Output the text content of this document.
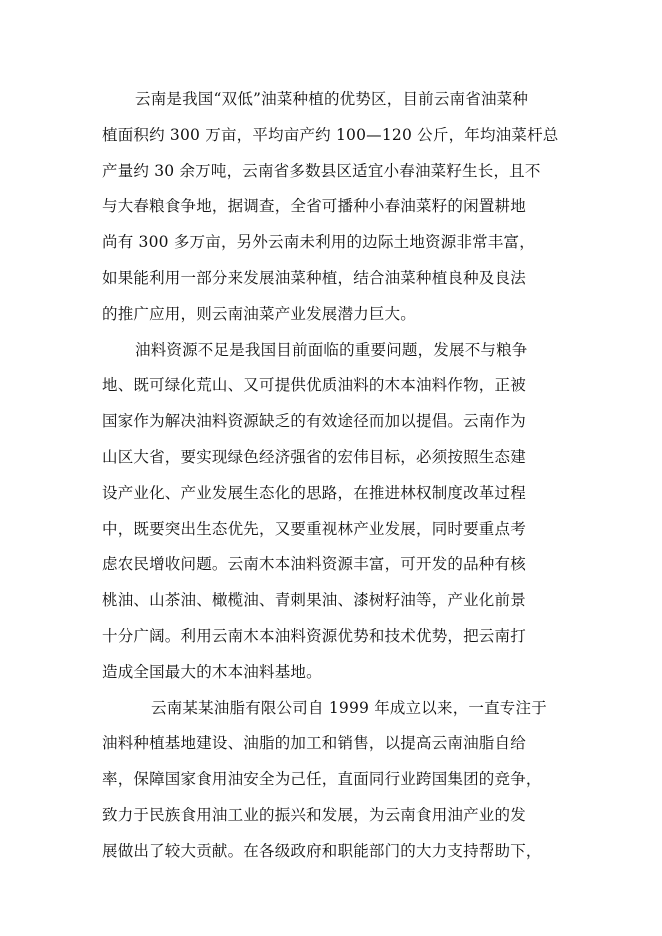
云南是我国“双低”油菜种植的优势区，目前云南省油菜种
植面积约 300 万亩，平均亩产约 100—120 公斤，年均油菜杆总
产量约 30 余万吨，云南省多数县区适宜小春油菜籽生长，且不
与大春粮食争地，据调查，全省可播种小春油菜籽的闲置耕地
尚有 300 多万亩，另外云南未利用的边际土地资源非常丰富，
如果能利用一部分来发展油菜种植，结合油菜种植良种及良法
的推广应用，则云南油菜产业发展潜力巨大。

油料资源不足是我国目前面临的重要问题，发展不与粮争
地、既可绿化荒山、又可提供优质油料的木本油料作物，正被
国家作为解决油料资源缺乏的有效途径而加以提倡。云南作为
山区大省，要实现绿色经济强省的宏伟目标，必须按照生态建
设产业化、产业发展生态化的思路，在推进林权制度改革过程
中，既要突出生态优先，又要重视林产业发展，同时要重点考
虑农民增收问题。云南木本油料资源丰富，可开发的品种有核
桃油、山茶油、橄榄油、青刺果油、漆树籽油等，产业化前景
十分广阔。利用云南木本油料资源优势和技术优势，把云南打
造成全国最大的木本油料基地。

云南某某油脂有限公司自 1999 年成立以来，一直专注于
油料种植基地建设、油脂的加工和销售，以提高云南油脂自给
率，保障国家食用油安全为己任，直面同行业跨国集团的竞争，
致力于民族食用油工业的振兴和发展，为云南食用油产业的发
展做出了较大贡献。在各级政府和职能部门的大力支持帮助下，
